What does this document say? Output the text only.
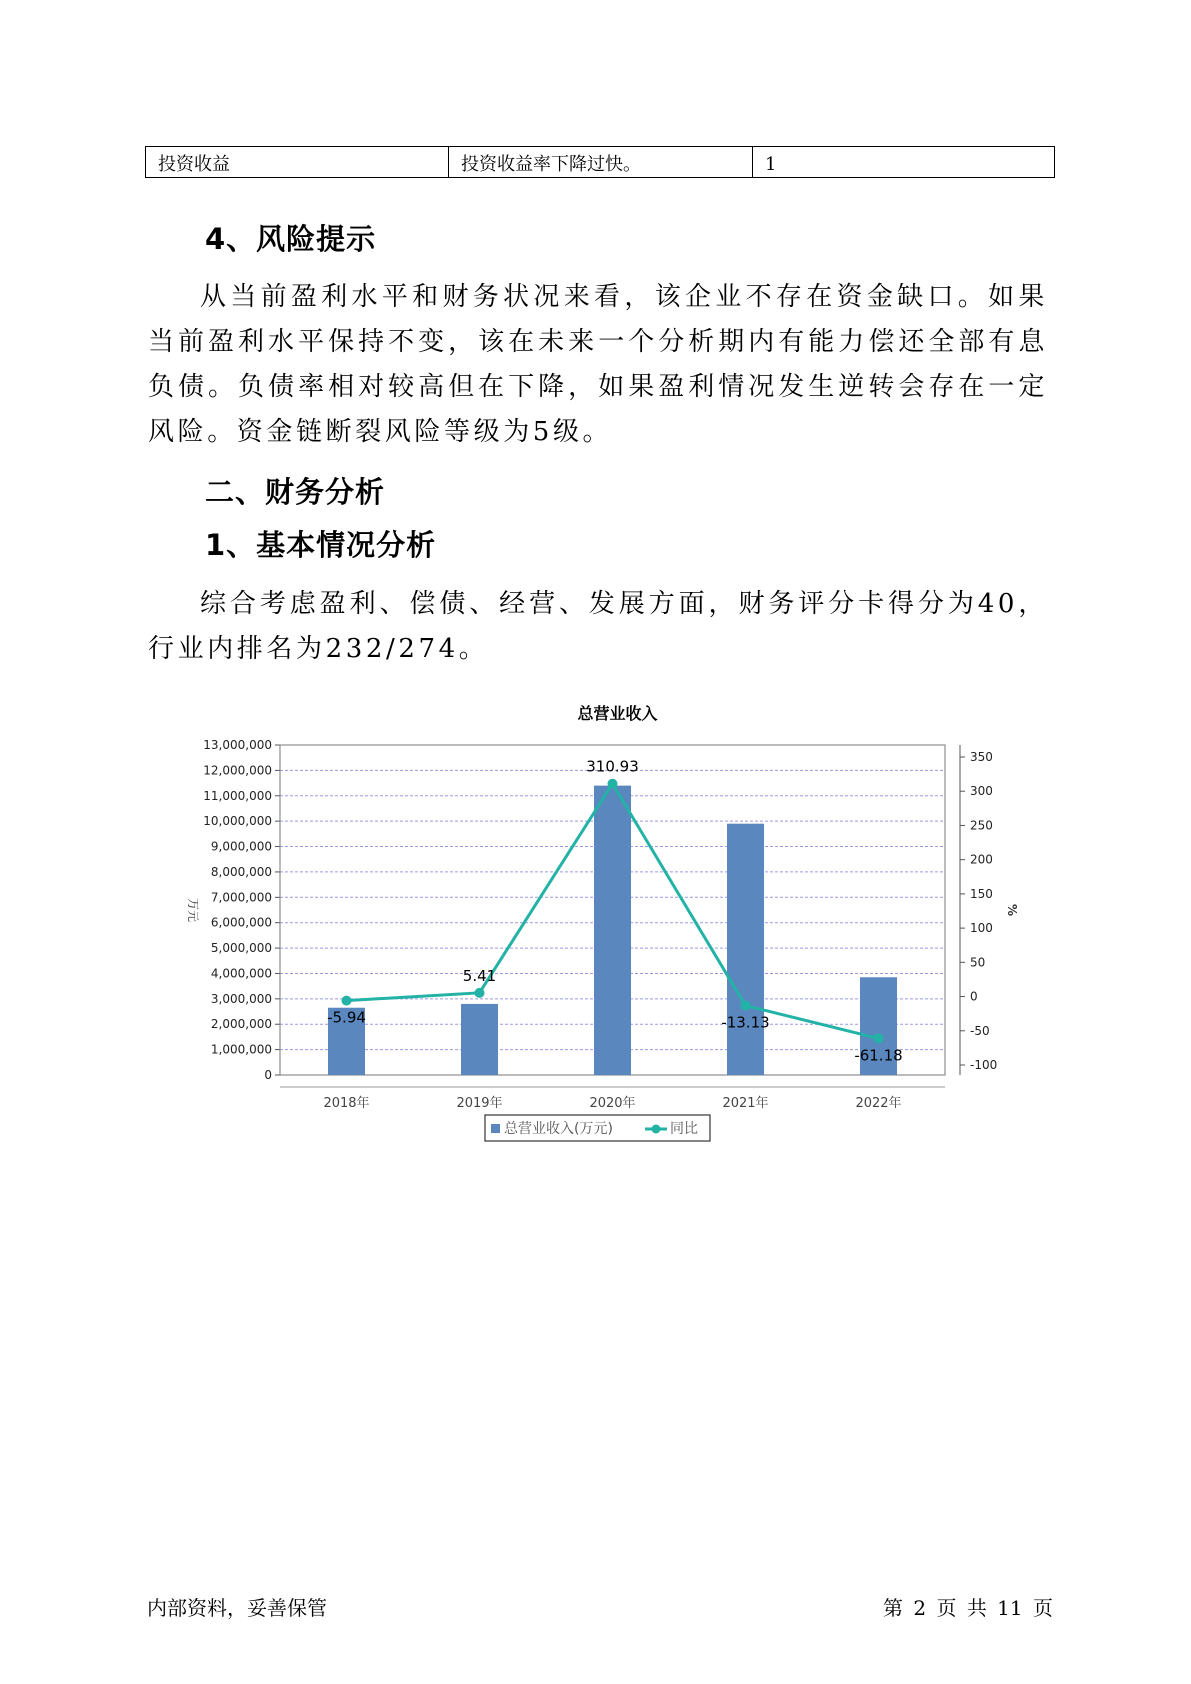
投资收益	投资收益率下降过快。	1
4、风险提示
从当前盈利水平和财务状况来看，该企业不存在资金缺口。如果当前盈利水平保持不变，该在未来一个分析期内有能力偿还全部有息负债。负债率相对较高但在下降，如果盈利情况发生逆转会存在一定风险。资金链断裂风险等级为5级。
二、财务分析
1、基本情况分析
综合考虑盈利、偿债、经营、发展方面，财务评分卡得分为40，行业内排名为232/274。
总营业收入
0
1,000,000
2,000,000
3,000,000
4,000,000
5,000,000
6,000,000
7,000,000
8,000,000
9,000,000
10,000,000
11,000,000
12,000,000
13,000,000
万元
-100
-50
0
50
100
150
200
250
300
350
%
2018年	2019年	2020年	2021年	2022年
-5.94
5.41
310.93
-13.13
-61.18
总营业收入(万元)	同比
内部资料，妥善保管	第 2 页 共 11 页
